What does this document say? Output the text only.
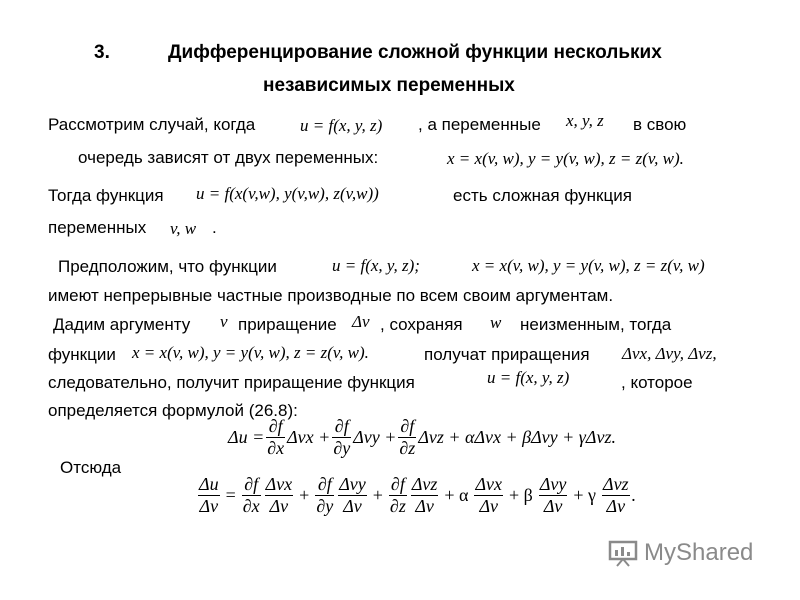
3.	Дифференцирование сложной функции нескольких
независимых переменных
Рассмотрим случай, когда	u = f(x, y, z) , а переменные x, y, z в свою
очередь зависят от двух переменных:	x = x(v, w), y = y(v, w), z = z(v, w).
Тогда функция u = f(x(v,w), y(v,w), z(v,w))	есть сложная функция
переменных v, w .
Предположим, что функции	u = f(x, y, z);	x = x(v, w), y = y(v, w), z = z(v, w)
имеют непрерывные частные производные по всем своим аргументам.
Дадим аргументу v приращение Δv , сохраняя w неизменным, тогда
функции x = x(v, w), y = y(v, w), z = z(v, w).	получат приращения Δvx, Δvy, Δvz,
следовательно, получит приращение функция	u = f(x, y, z)	, которое
определяется формулой (26.8):
$\Delta u = \frac{\partial f}{\partial x}$ $\Delta vx + \frac{\partial f}{\partial y}$ $\Delta vy + \frac{\partial f}{\partial z}$ Δvz + αΔvx + βΔvy + γΔvz.
Отсюда
$\frac{\Delta u}{\Delta v} = \frac{\partial f}{\partial x} \frac{\text{Δvx}}{\Delta v} + \frac{\partial f}{\partial y} \frac{\text{Δvy}}{\Delta v} + \frac{\partial f}{\partial z} \frac{\text{Δvz}}{\Delta v} + \alpha \frac{\text{Δvx}}{\Delta v} + \beta \frac{\text{Δvy}}{\Delta v} + \gamma \frac{\text{Δvz}}{\Delta v}$ .
MyShared
